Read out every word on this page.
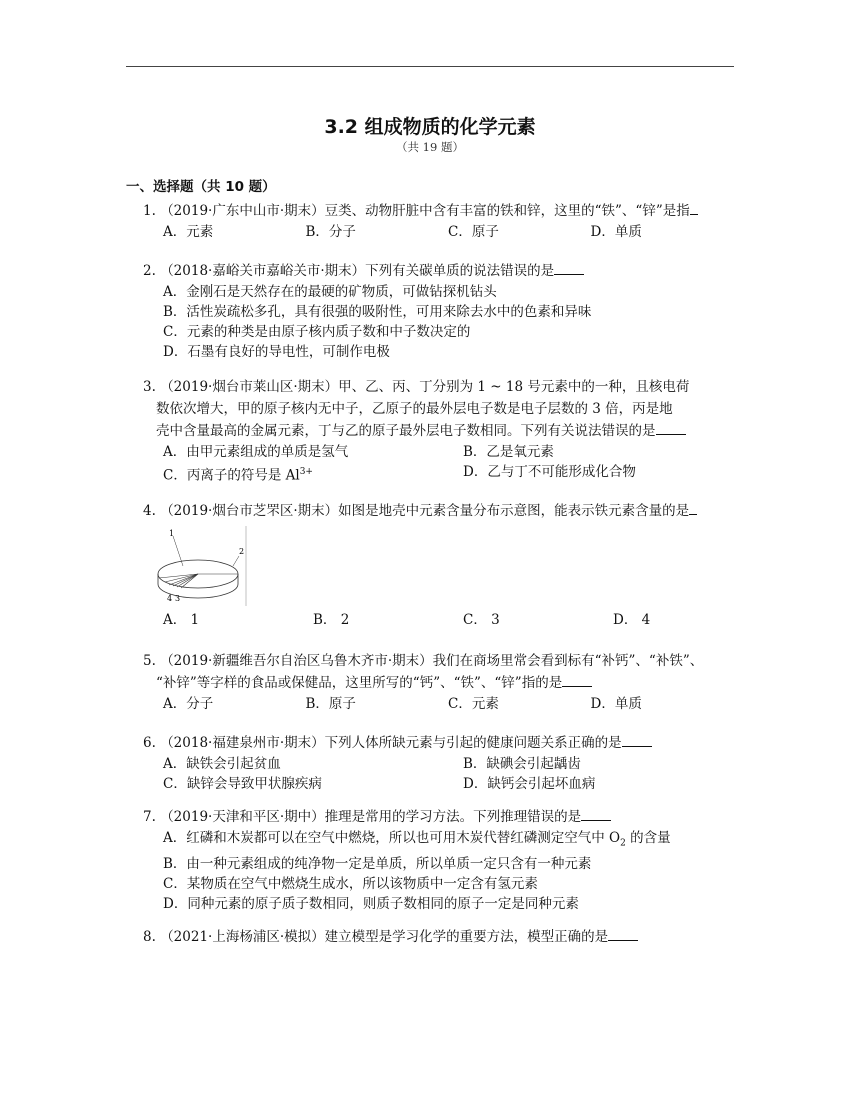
3.2 组成物质的化学元素
（共 19 题）
一、选择题（共 10 题）
1. （2019·广东中山市·期末）豆类、动物肝脏中含有丰富的铁和锌，这里的“铁”、“锌”是指
A．元素	B．分子	C．原子	D．单质
2. （2018·嘉峪关市嘉峪关市·期末）下列有关碳单质的说法错误的是
A．金刚石是天然存在的最硬的矿物质，可做钻探机钻头
B．活性炭疏松多孔，具有很强的吸附性，可用来除去水中的色素和异味
C．元素的种类是由原子核内质子数和中子数决定的
D．石墨有良好的导电性，可制作电极
3. （2019·烟台市莱山区·期末）甲、乙、丙、丁分别为 1 ~ 18 号元素中的一种，且核电荷
数依次增大，甲的原子核内无中子，乙原子的最外层电子数是电子层数的 3 倍，丙是地
壳中含量最高的金属元素，丁与乙的原子最外层电子数相同。下列有关说法错误的是
A．由甲元素组成的单质是氢气	B．乙是氧元素
C．丙离子的符号是 $Al^{3+}$	D．乙与丁不可能形成化合物
4. （2019·烟台市芝罘区·期末）如图是地壳中元素含量分布示意图，能表示铁元素含量的是
1
2
4 3
A． 1	B． 2	C． 3	D． 4
5. （2019·新疆维吾尔自治区乌鲁木齐市·期末）我们在商场里常会看到标有“补钙”、“补铁”、
“补锌”等字样的食品或保健品，这里所写的“钙”、“铁”、“锌”指的是
A．分子	B．原子	C．元素	D．单质
6. （2018·福建泉州市·期末）下列人体所缺元素与引起的健康问题关系正确的是
A．缺铁会引起贫血	B．缺碘会引起龋齿
C．缺锌会导致甲状腺疾病	D．缺钙会引起坏血病
7. （2019·天津和平区·期中）推理是常用的学习方法。下列推理错误的是
A．红磷和木炭都可以在空气中燃烧，所以也可用木炭代替红磷测定空气中 $O_2$ 的含量
B．由一种元素组成的纯净物一定是单质，所以单质一定只含有一种元素
C．某物质在空气中燃烧生成水，所以该物质中一定含有氢元素
D．同种元素的原子质子数相同，则质子数相同的原子一定是同种元素
8. （2021·上海杨浦区·模拟）建立模型是学习化学的重要方法，模型正确的是
